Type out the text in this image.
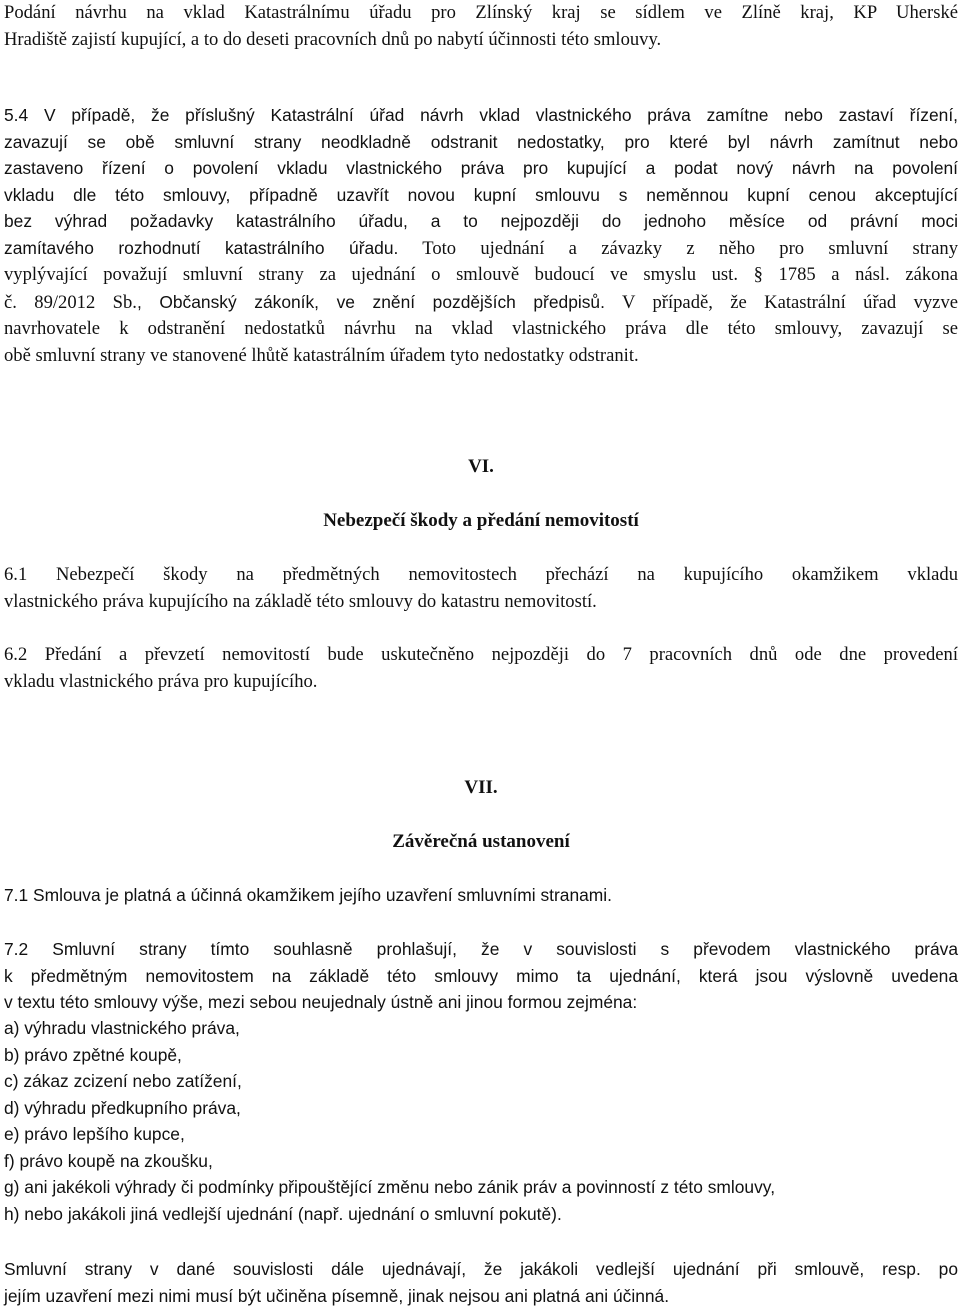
Podání návrhu na vklad Katastrálnímu úřadu pro Zlínský kraj se sídlem ve Zlíně kraj, KP Uherské

Hradiště zajistí kupující, a to do deseti pracovních dnů po nabytí účinnosti této smlouvy.

5.4 V případě, že příslušný Katastrální úřad návrh vklad vlastnického práva zamítne nebo zastaví řízení,

zavazují se obě smluvní strany neodkladně odstranit nedostatky, pro které byl návrh zamítnut nebo

zastaveno řízení o povolení vkladu vlastnického práva pro kupující a podat nový návrh na povolení

vkladu dle této smlouvy, případně uzavřít novou kupní smlouvu s neměnnou kupní cenou akceptující

bez výhrad požadavky katastrálního úřadu, a to nejpozději do jednoho měsíce od právní moci

zamítavého rozhodnutí katastrálního úřadu. Toto ujednání a závazky z něho pro smluvní strany

vyplývající považují smluvní strany za ujednání o smlouvě budoucí ve smyslu ust. § 1785 a násl. zákona

č. 89/2012 Sb., Občanský zákoník, ve znění pozdějších předpisů. V případě, že Katastrální úřad vyzve

navrhovatele k odstranění nedostatků návrhu na vklad vlastnického práva dle této smlouvy, zavazují se

obě smluvní strany ve stanovené lhůtě katastrálním úřadem tyto nedostatky odstranit.

VI.
Nebezpečí škody a předání nemovitostí

6.1 Nebezpečí škody na předmětných nemovitostech přechází na kupujícího okamžikem vkladu

vlastnického práva kupujícího na základě této smlouvy do katastru nemovitostí.

6.2 Předání a převzetí nemovitostí bude uskutečněno nejpozději do 7 pracovních dnů ode dne provedení

vkladu vlastnického práva pro kupujícího.

VII.
Závěrečná ustanovení

7.1 Smlouva je platná a účinná okamžikem jejího uzavření smluvními stranami.

7.2 Smluvní strany tímto souhlasně prohlašují, že v souvislosti s převodem vlastnického práva

k předmětným nemovitostem na základě této smlouvy mimo ta ujednání, která jsou výslovně uvedena

v textu této smlouvy výše, mezi sebou neujednaly ústně ani jinou formou zejména:

a) výhradu vlastnického práva,

b) právo zpětné koupě,

c) zákaz zcizení nebo zatížení,

d) výhradu předkupního práva,

e) právo lepšího kupce,

f) právo koupě na zkoušku,

g) ani jakékoli výhrady či podmínky připouštějící změnu nebo zánik práv a povinností z této smlouvy,

h) nebo jakákoli jiná vedlejší ujednání (např. ujednání o smluvní pokutě).

Smluvní strany v dané souvislosti dále ujednávají, že jakákoli vedlejší ujednání při smlouvě, resp. po

jejím uzavření mezi nimi musí být učiněna písemně, jinak nejsou ani platná ani účinná.
